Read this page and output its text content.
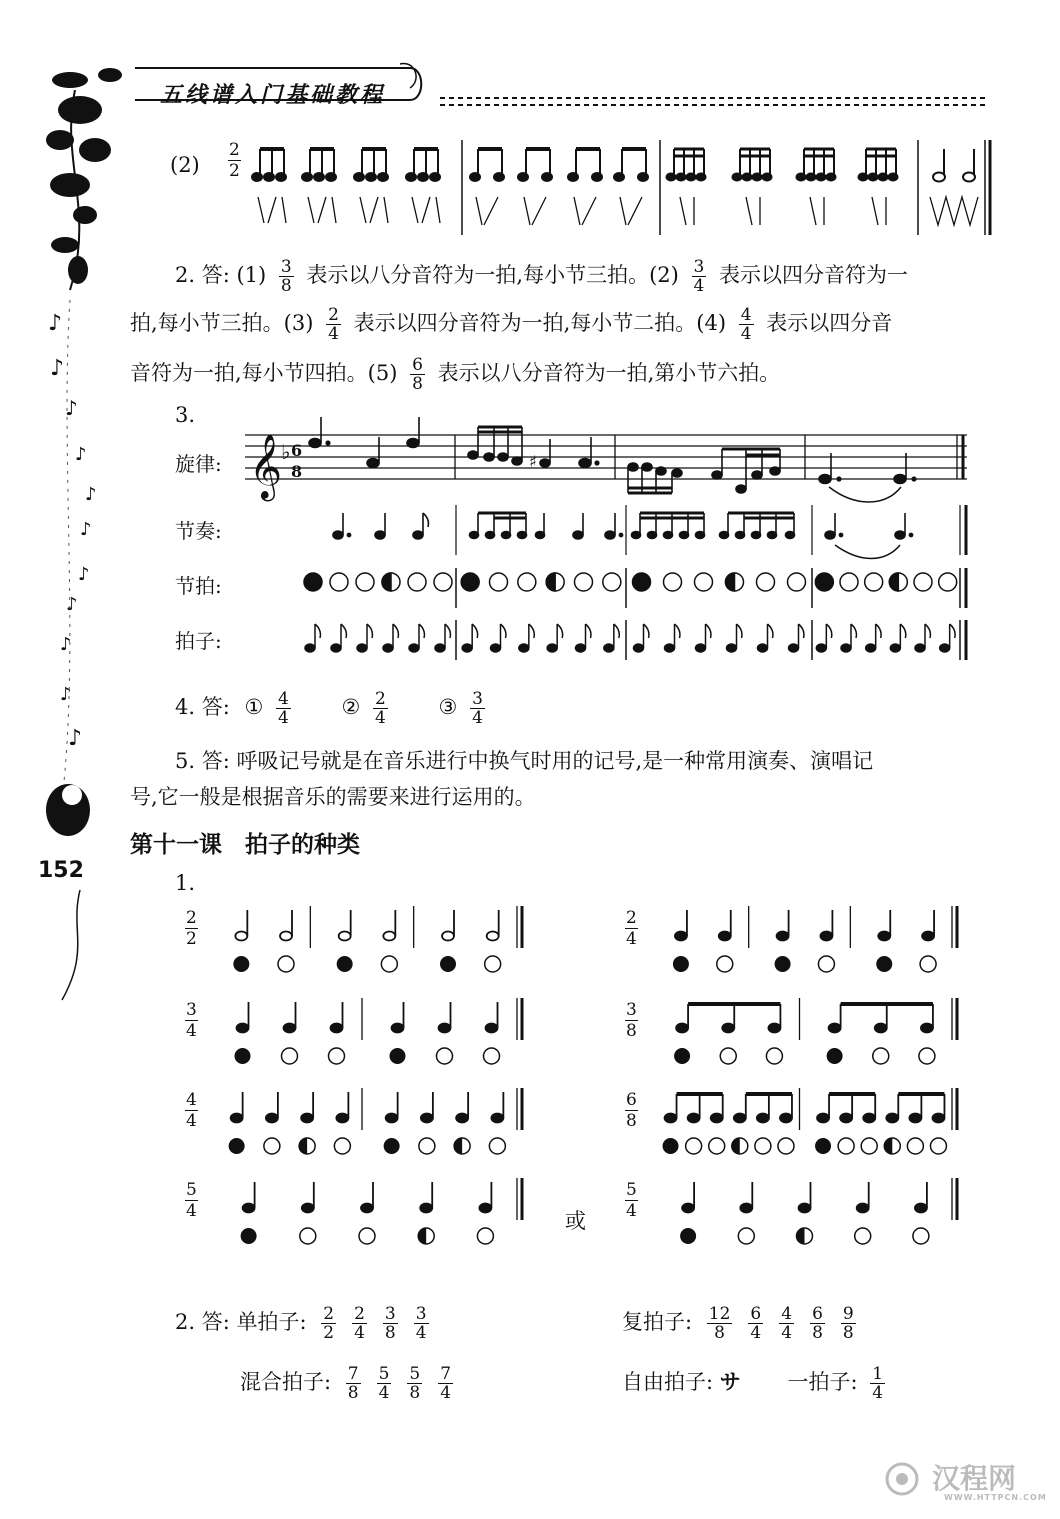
♪
♪
♪
♪
♪
♪
♪
♪
♪
♪
♪
五线谱入门基础教程
$(2) \frac{2}{2}$
2. 答: $(1) \frac{3}{8}$ 表示以八分音符为一拍,每小节三拍。$(2) \frac{3}{4}$ 表示以四分音符为一
拍,每小节三拍。$(3) \frac{2}{4}$ 表示以四分音符为一拍,每小节二拍。$(4) \frac{4}{4}$ 表示以四分音
音符为一拍,每小节四拍。$(5) \frac{6}{8}$ 表示以八分音符为一拍,第小节六拍。
3.
旋律:
节奏:
节拍:
拍子:
𝄞
♭ 6
8
♯
4. 答: ① $\frac{4}{4}$ ② $\frac{2}{4}$ ③ $\frac{3}{4}$
5. 答: 呼吸记号就是在音乐进行中换气时用的记号,是一种常用演奏、演唱记
号,它一般是根据音乐的需要来进行运用的。
第十一课　拍子的种类
152	1.
$\frac{2}{2}$	$\frac{2}{4}$
$\frac{3}{4}$	$\frac{3}{8}$
$\frac{4}{4}$	$\frac{6}{8}$
$\frac{5}{4}$	$\frac{5}{4}$
或
2. 答: 单拍子: $\frac{2}{2} \frac{2}{4} \frac{3}{8} \frac{3}{4}$	复拍子: $\frac{12}{8} \frac{6}{4} \frac{4}{4} \frac{6}{8} \frac{9}{8}$
混合拍子: $\frac{7}{8} \frac{5}{4} \frac{5}{8} \frac{7}{4}$	自由拍子: サ 一拍子: $\frac{1}{4}$
汉程网
WWW.HTTPCN.COM
